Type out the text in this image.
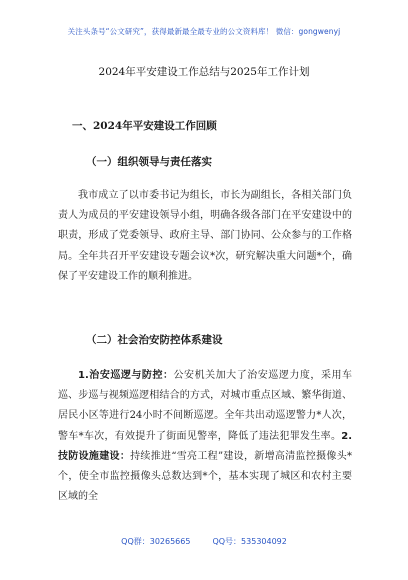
关注头条号“公文研究”，获得最新最全最专业的公文资料库！ 微信：gongwenyj
2024年平安建设工作总结与2025年工作计划
一、2024年平安建设工作回顾
（一）组织领导与责任落实
我市成立了以市委书记为组长，市长为副组长，各相关部门负责人为成员的平安建设领导小组，明确各级各部门在平安建设中的职责，形成了党委领导、政府主导、部门协同、公众参与的工作格局。全年共召开平安建设专题会议*次，研究解决重大问题*个，确保了平安建设工作的顺利推进。
（二）社会治安防控体系建设
1.治安巡逻与防控：公安机关加大了治安巡逻力度，采用车巡、步巡与视频巡逻相结合的方式，对城市重点区域、繁华街道、居民小区等进行24小时不间断巡逻。全年共出动巡逻警力*人次，警车*车次，有效提升了街面见警率，降低了违法犯罪发生率。2.技防设施建设：持续推进“雪亮工程”建设，新增高清监控摄像头*个，使全市监控摄像头总数达到*个，基本实现了城区和农村主要区域的全
QQ群：30265665	QQ号：535304092
